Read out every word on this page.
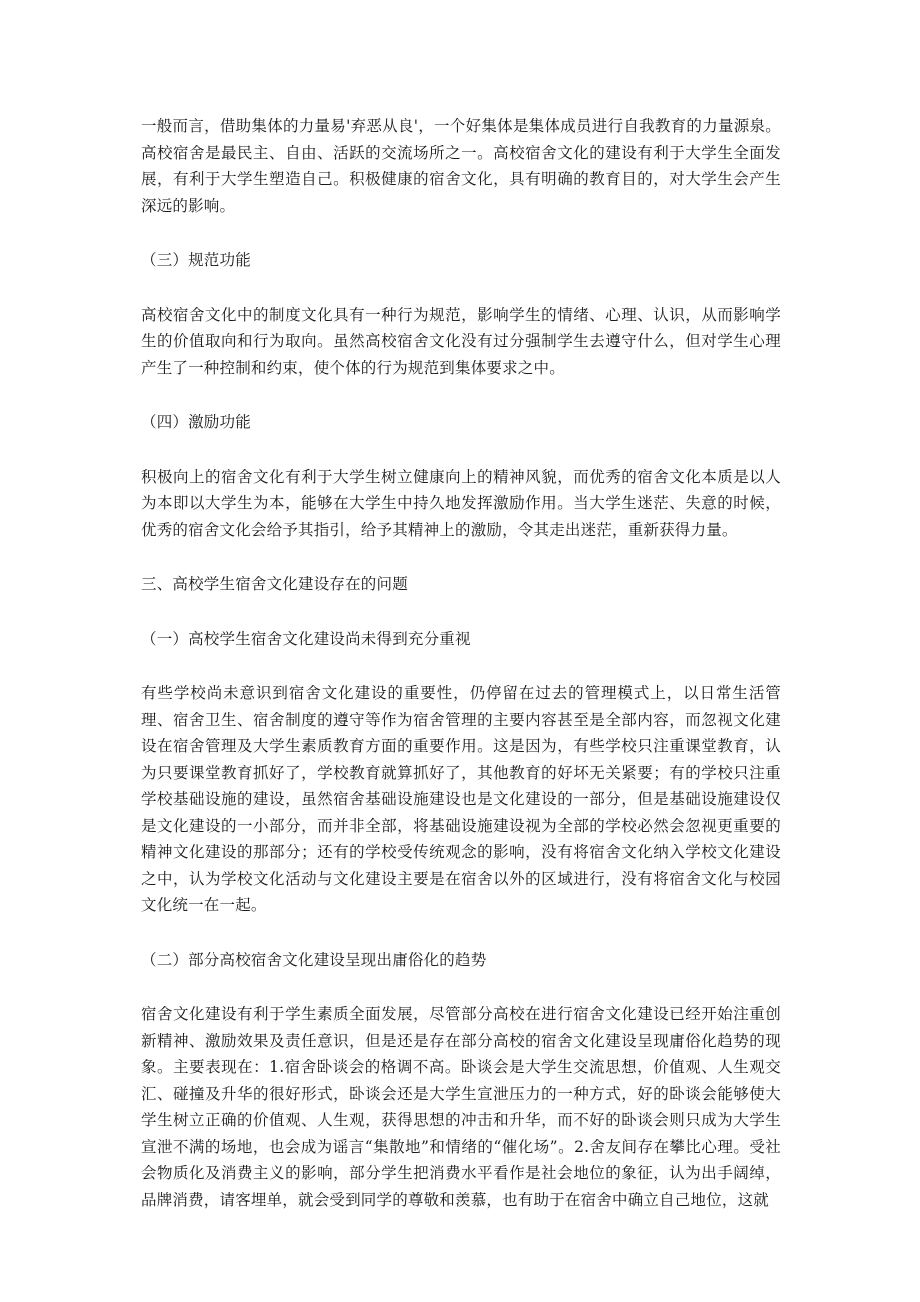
一般而言，借助集体的力量易'弃恶从良'，一个好集体是集体成员进行自我教育的力量源泉。高校宿舍是最民主、自由、活跃的交流场所之一。高校宿舍文化的建设有利于大学生全面发展，有利于大学生塑造自己。积极健康的宿舍文化，具有明确的教育目的，对大学生会产生深远的影响。

（三）规范功能

高校宿舍文化中的制度文化具有一种行为规范，影响学生的情绪、心理、认识，从而影响学生的价值取向和行为取向。虽然高校宿舍文化没有过分强制学生去遵守什么，但对学生心理产生了一种控制和约束，使个体的行为规范到集体要求之中。

（四）激励功能

积极向上的宿舍文化有利于大学生树立健康向上的精神风貌，而优秀的宿舍文化本质是以人为本即以大学生为本，能够在大学生中持久地发挥激励作用。当大学生迷茫、失意的时候，优秀的宿舍文化会给予其指引，给予其精神上的激励，令其走出迷茫，重新获得力量。

三、高校学生宿舍文化建设存在的问题

（一）高校学生宿舍文化建设尚未得到充分重视

有些学校尚未意识到宿舍文化建设的重要性，仍停留在过去的管理模式上，以日常生活管理、宿舍卫生、宿舍制度的遵守等作为宿舍管理的主要内容甚至是全部内容，而忽视文化建设在宿舍管理及大学生素质教育方面的重要作用。这是因为，有些学校只注重课堂教育，认为只要课堂教育抓好了，学校教育就算抓好了，其他教育的好坏无关紧要；有的学校只注重学校基础设施的建设，虽然宿舍基础设施建设也是文化建设的一部分，但是基础设施建设仅是文化建设的一小部分，而并非全部，将基础设施建设视为全部的学校必然会忽视更重要的精神文化建设的那部分；还有的学校受传统观念的影响，没有将宿舍文化纳入学校文化建设之中，认为学校文化活动与文化建设主要是在宿舍以外的区域进行，没有将宿舍文化与校园文化统一在一起。

（二）部分高校宿舍文化建设呈现出庸俗化的趋势

宿舍文化建设有利于学生素质全面发展，尽管部分高校在进行宿舍文化建设已经开始注重创新精神、激励效果及责任意识，但是还是存在部分高校的宿舍文化建设呈现庸俗化趋势的现象。主要表现在：1.宿舍卧谈会的格调不高。卧谈会是大学生交流思想，价值观、人生观交汇、碰撞及升华的很好形式，卧谈会还是大学生宣泄压力的一种方式，好的卧谈会能够使大学生树立正确的价值观、人生观，获得思想的冲击和升华，而不好的卧谈会则只成为大学生宣泄不满的场地，也会成为谣言“集散地”和情绪的“催化场”。2.舍友间存在攀比心理。受社会物质化及消费主义的影响，部分学生把消费水平看作是社会地位的象征，认为出手阔绰，品牌消费，请客埋单，就会受到同学的尊敬和羡慕，也有助于在宿舍中确立自己地位，这就
